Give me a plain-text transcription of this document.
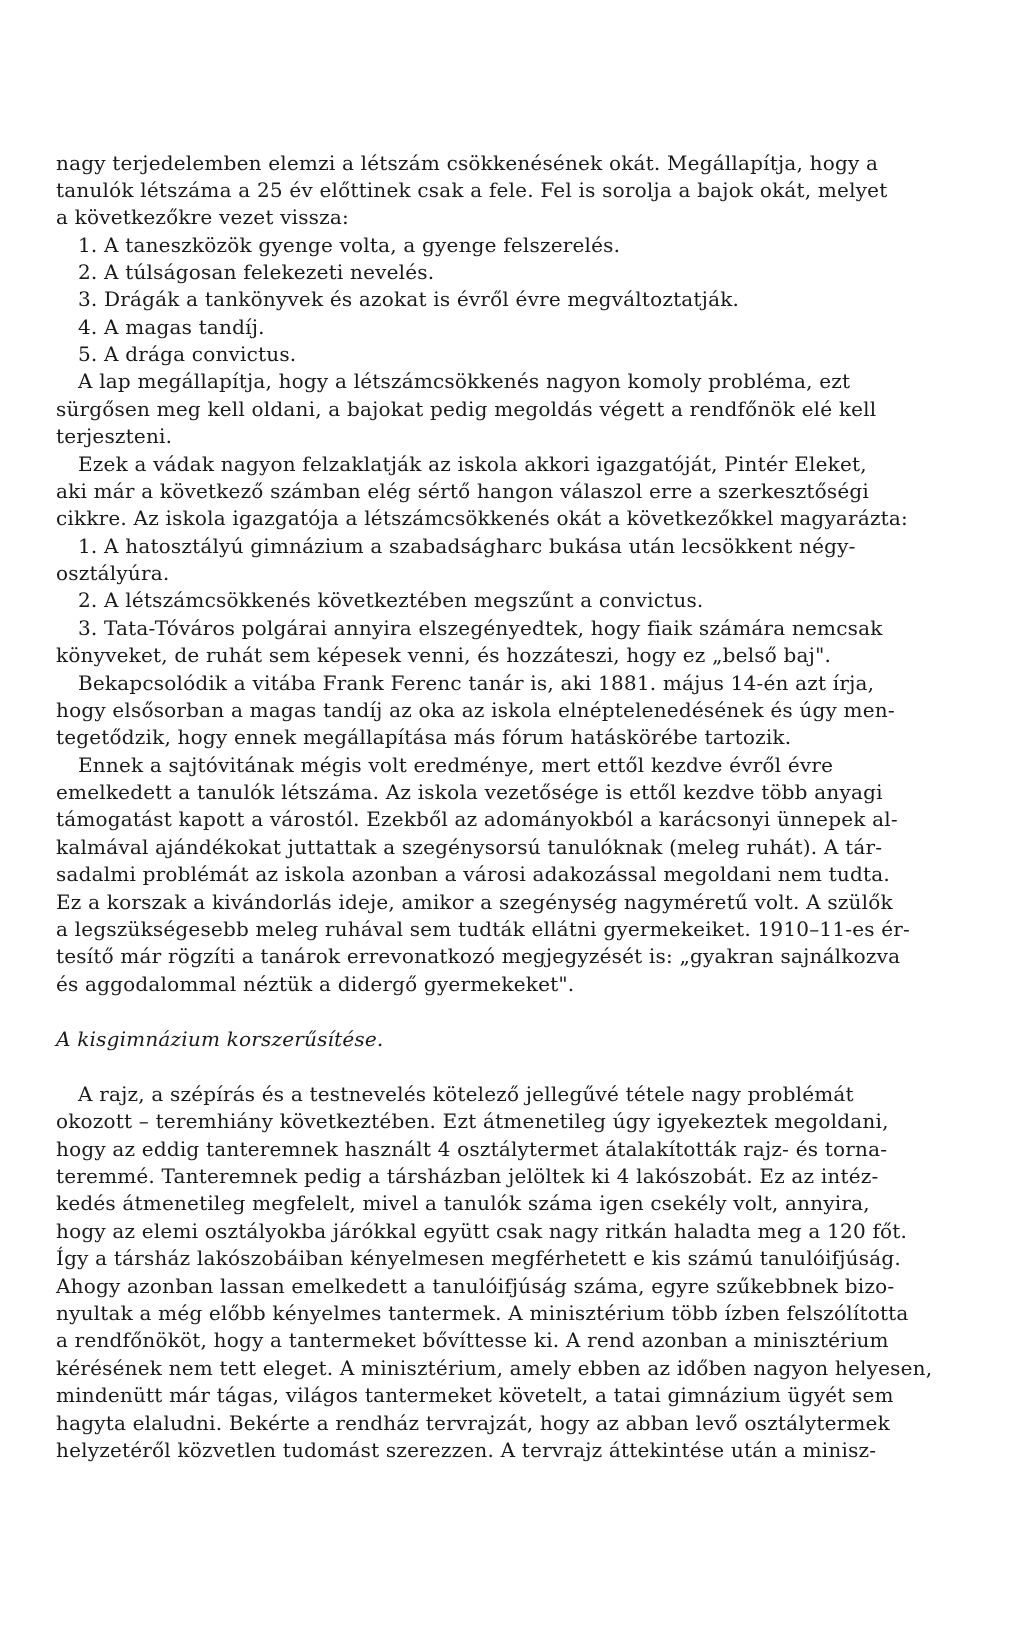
nagy terjedelemben elemzi a létszám csökkenésének okát. Megállapítja, hogy a
tanulók létszáma a 25 év előttinek csak a fele. Fel is sorolja a bajok okát, melyet
a következőkre vezet vissza:
1. A taneszközök gyenge volta, a gyenge felszerelés.
2. A túlságosan felekezeti nevelés.
3. Drágák a tankönyvek és azokat is évről évre megváltoztatják.
4. A magas tandíj.
5. A drága convictus.
A lap megállapítja, hogy a létszámcsökkenés nagyon komoly probléma, ezt
sürgősen meg kell oldani, a bajokat pedig megoldás végett a rendfőnök elé kell
terjeszteni.
Ezek a vádak nagyon felzaklatják az iskola akkori igazgatóját, Pintér Eleket,
aki már a következő számban elég sértő hangon válaszol erre a szerkesztőségi
cikkre. Az iskola igazgatója a létszámcsökkenés okát a következőkkel magyarázta:
1. A hatosztályú gimnázium a szabadságharc bukása után lecsökkent négy-
osztályúra.
2. A létszámcsökkenés következtében megszűnt a convictus.
3. Tata-Tóváros polgárai annyira elszegényedtek, hogy fiaik számára nemcsak
könyveket, de ruhát sem képesek venni, és hozzáteszi, hogy ez „belső baj".
Bekapcsolódik a vitába Frank Ferenc tanár is, aki 1881. május 14-én azt írja,
hogy elsősorban a magas tandíj az oka az iskola elnéptelenedésének és úgy men-
tegetődzik, hogy ennek megállapítása más fórum hatáskörébe tartozik.
Ennek a sajtóvitának mégis volt eredménye, mert ettől kezdve évről évre
emelkedett a tanulók létszáma. Az iskola vezetősége is ettől kezdve több anyagi
támogatást kapott a várostól. Ezekből az adományokból a karácsonyi ünnepek al-
kalmával ajándékokat juttattak a szegénysorsú tanulóknak (meleg ruhát). A tár-
sadalmi problémát az iskola azonban a városi adakozással megoldani nem tudta.
Ez a korszak a kivándorlás ideje, amikor a szegénység nagyméretű volt. A szülők
a legszükségesebb meleg ruhával sem tudták ellátni gyermekeiket. 1910–11-es ér-
tesítő már rögzíti a tanárok errevonatkozó megjegyzését is: „gyakran sajnálkozva
és aggodalommal néztük a didergő gyermekeket".
A kisgimnázium korszerűsítése.
A rajz, a szépírás és a testnevelés kötelező jellegűvé tétele nagy problémát
okozott – teremhiány következtében. Ezt átmenetileg úgy igyekeztek megoldani,
hogy az eddig tanteremnek használt 4 osztálytermet átalakították rajz- és torna-
teremmé. Tanteremnek pedig a társházban jelöltek ki 4 lakószobát. Ez az intéz-
kedés átmenetileg megfelelt, mivel a tanulók száma igen csekély volt, annyira,
hogy az elemi osztályokba járókkal együtt csak nagy ritkán haladta meg a 120 főt.
Így a társház lakószobáiban kényelmesen megférhetett e kis számú tanulóifjúság.
Ahogy azonban lassan emelkedett a tanulóifjúság száma, egyre szűkebbnek bizo-
nyultak a még előbb kényelmes tantermek. A minisztérium több ízben felszólította
a rendfőnököt, hogy a tantermeket bővíttesse ki. A rend azonban a minisztérium
kérésének nem tett eleget. A minisztérium, amely ebben az időben nagyon helyesen,
mindenütt már tágas, világos tantermeket követelt, a tatai gimnázium ügyét sem
hagyta elaludni. Bekérte a rendház tervrajzát, hogy az abban levő osztálytermek
helyzetéről közvetlen tudomást szerezzen. A tervrajz áttekintése után a minisz-
